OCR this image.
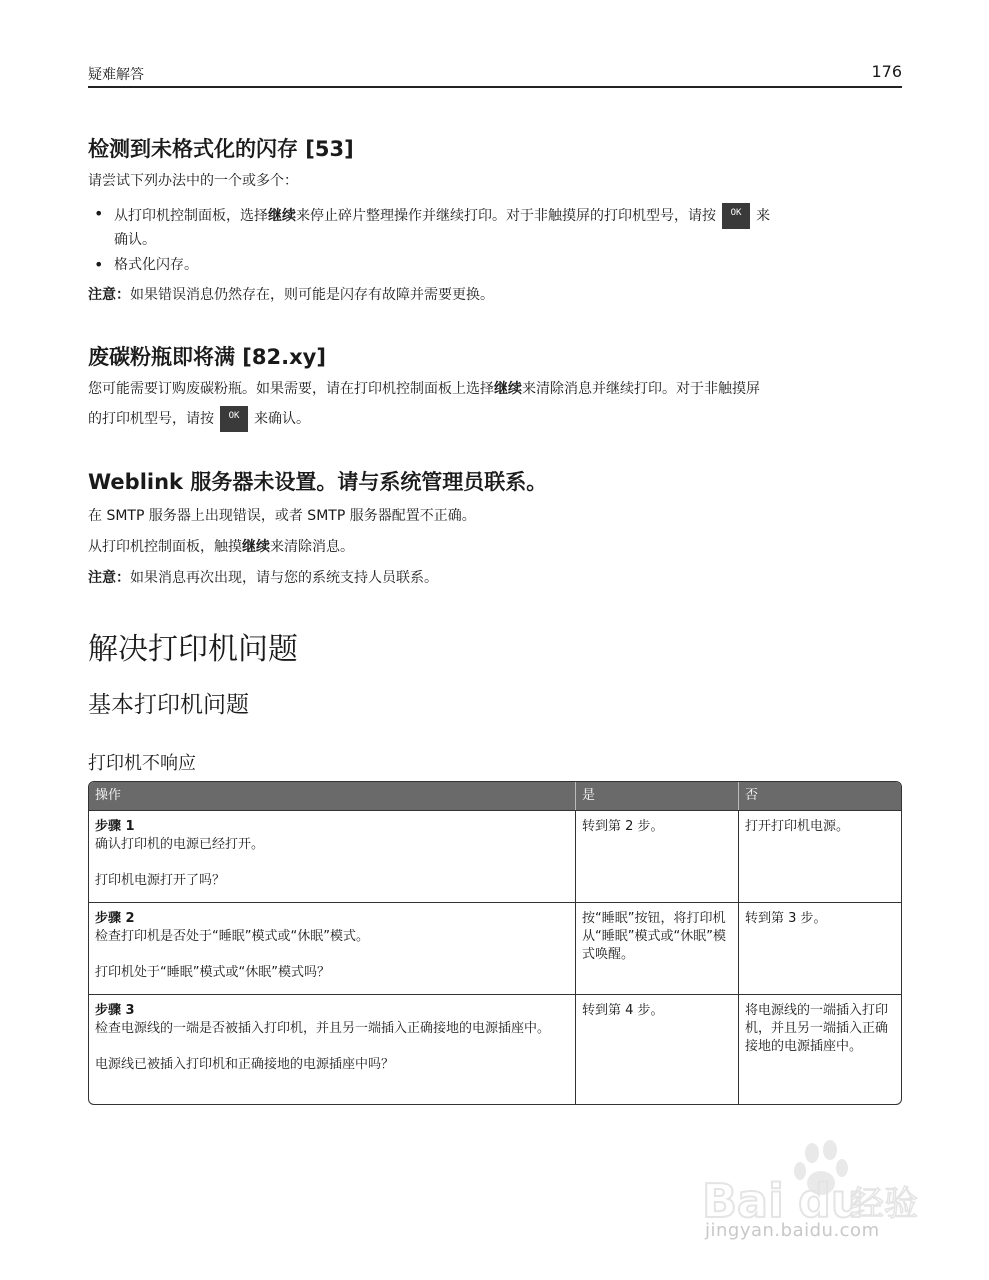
疑难解答	176
检测到未格式化的闪存 [53]
请尝试下列办法中的一个或多个：
• 从打印机控制面板，选择继续来停止碎片整理操作并继续打印。对于非触摸屏的打印机型号，请按 OK 来
确认。
• 格式化闪存。
注意：如果错误消息仍然存在，则可能是闪存有故障并需要更换。
废碳粉瓶即将满 [82.xy]
您可能需要订购废碳粉瓶。如果需要，请在打印机控制面板上选择继续来清除消息并继续打印。对于非触摸屏
的打印机型号，请按 OK 来确认。
Weblink 服务器未设置。请与系统管理员联系。
在 SMTP 服务器上出现错误，或者 SMTP 服务器配置不正确。
从打印机控制面板，触摸继续来清除消息。
注意：如果消息再次出现，请与您的系统支持人员联系。
解决打印机问题
基本打印机问题
打印机不响应
操作	是	否

步骤 1
确认打印机的电源已经打开。
打印机电源打开了吗？	转到第 2 步。	打开打印机电源。

步骤 2
检查打印机是否处于“睡眠”模式或“休眠”模式。
打印机处于“睡眠”模式或“休眠”模式吗？	按“睡眠”按钮，将打印机从“睡眠”模式或“休眠”模式唤醒。	转到第 3 步。

步骤 3
检查电源线的一端是否被插入打印机，并且另一端插入正确接地的电源插座中。
电源线已被插入打印机和正确接地的电源插座中吗？	转到第 4 步。	将电源线的一端插入打印机，并且另一端插入正确接地的电源插座中。
Bai du
经验
jingyan.baidu.com
